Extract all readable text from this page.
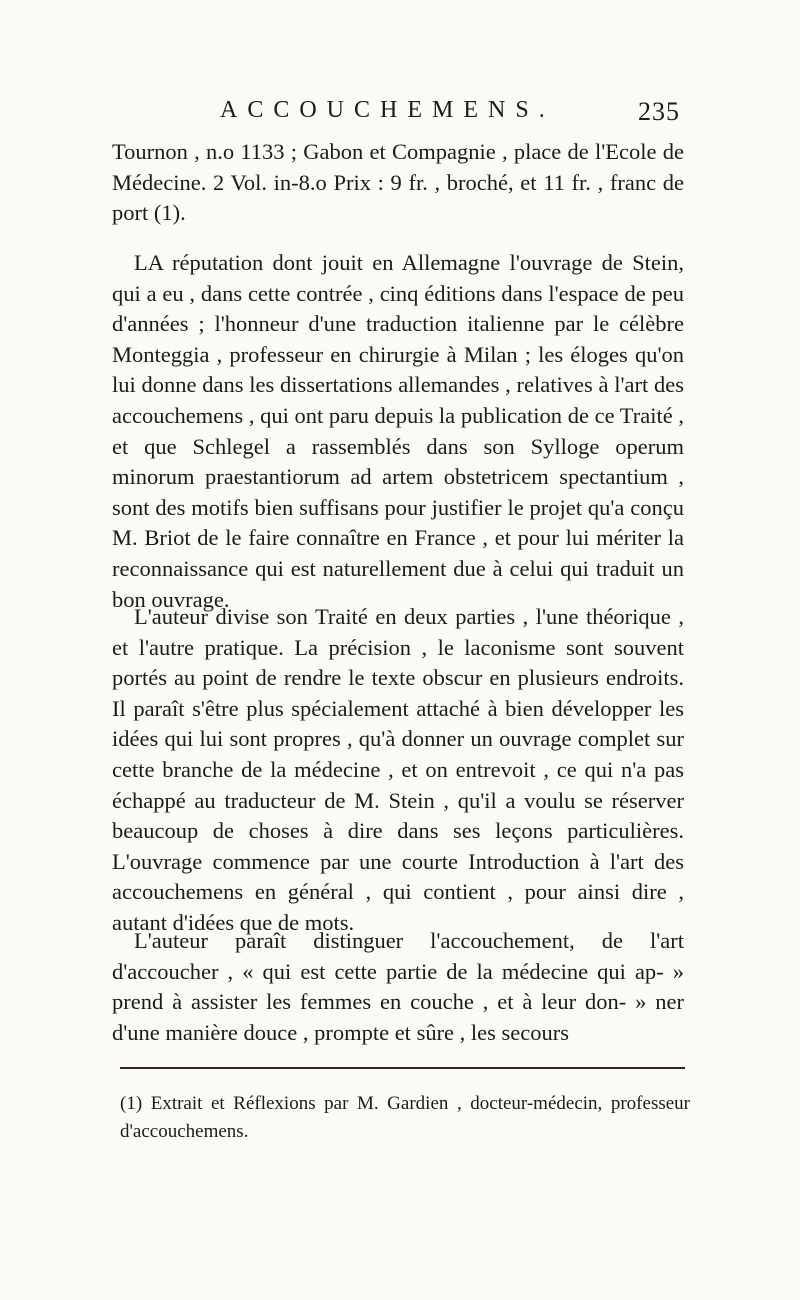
ACCOUCHEMENS.	235

Tournon , n.o 1133 ; Gabon et Compagnie , place de l'Ecole de Médecine. 2 Vol. in-8.o Prix : 9 fr. , broché, et 11 fr. , franc de port (1).

LA réputation dont jouit en Allemagne l'ouvrage de Stein, qui a eu , dans cette contrée , cinq éditions dans l'espace de peu d'années ; l'honneur d'une traduction italienne par le célèbre Monteggia , professeur en chirurgie à Milan ; les éloges qu'on lui donne dans les dissertations allemandes , relatives à l'art des accouchemens , qui ont paru depuis la publication de ce Traité , et que Schlegel a rassemblés dans son Sylloge operum minorum praestantiorum ad artem obstetricem spectantium , sont des motifs bien suffisans pour justifier le projet qu'a conçu M. Briot de le faire connaître en France , et pour lui mériter la reconnaissance qui est naturellement due à celui qui traduit un bon ouvrage.

L'auteur divise son Traité en deux parties , l'une théorique , et l'autre pratique. La précision , le laconisme sont souvent portés au point de rendre le texte obscur en plusieurs endroits. Il paraît s'être plus spécialement attaché à bien développer les idées qui lui sont propres , qu'à donner un ouvrage complet sur cette branche de la médecine , et on entrevoit , ce qui n'a pas échappé au traducteur de M. Stein , qu'il a voulu se réserver beaucoup de choses à dire dans ses leçons particulières. L'ouvrage commence par une courte Introduction à l'art des accouchemens en général , qui contient , pour ainsi dire , autant d'idées que de mots.

L'auteur paraît distinguer l'accouchement, de l'art d'accoucher , « qui est cette partie de la médecine qui ap- » prend à assister les femmes en couche , et à leur don- » ner d'une manière douce , prompte et sûre , les secours

(1) Extrait et Réflexions par M. Gardien , docteur-médecin, professeur d'accouchemens.
